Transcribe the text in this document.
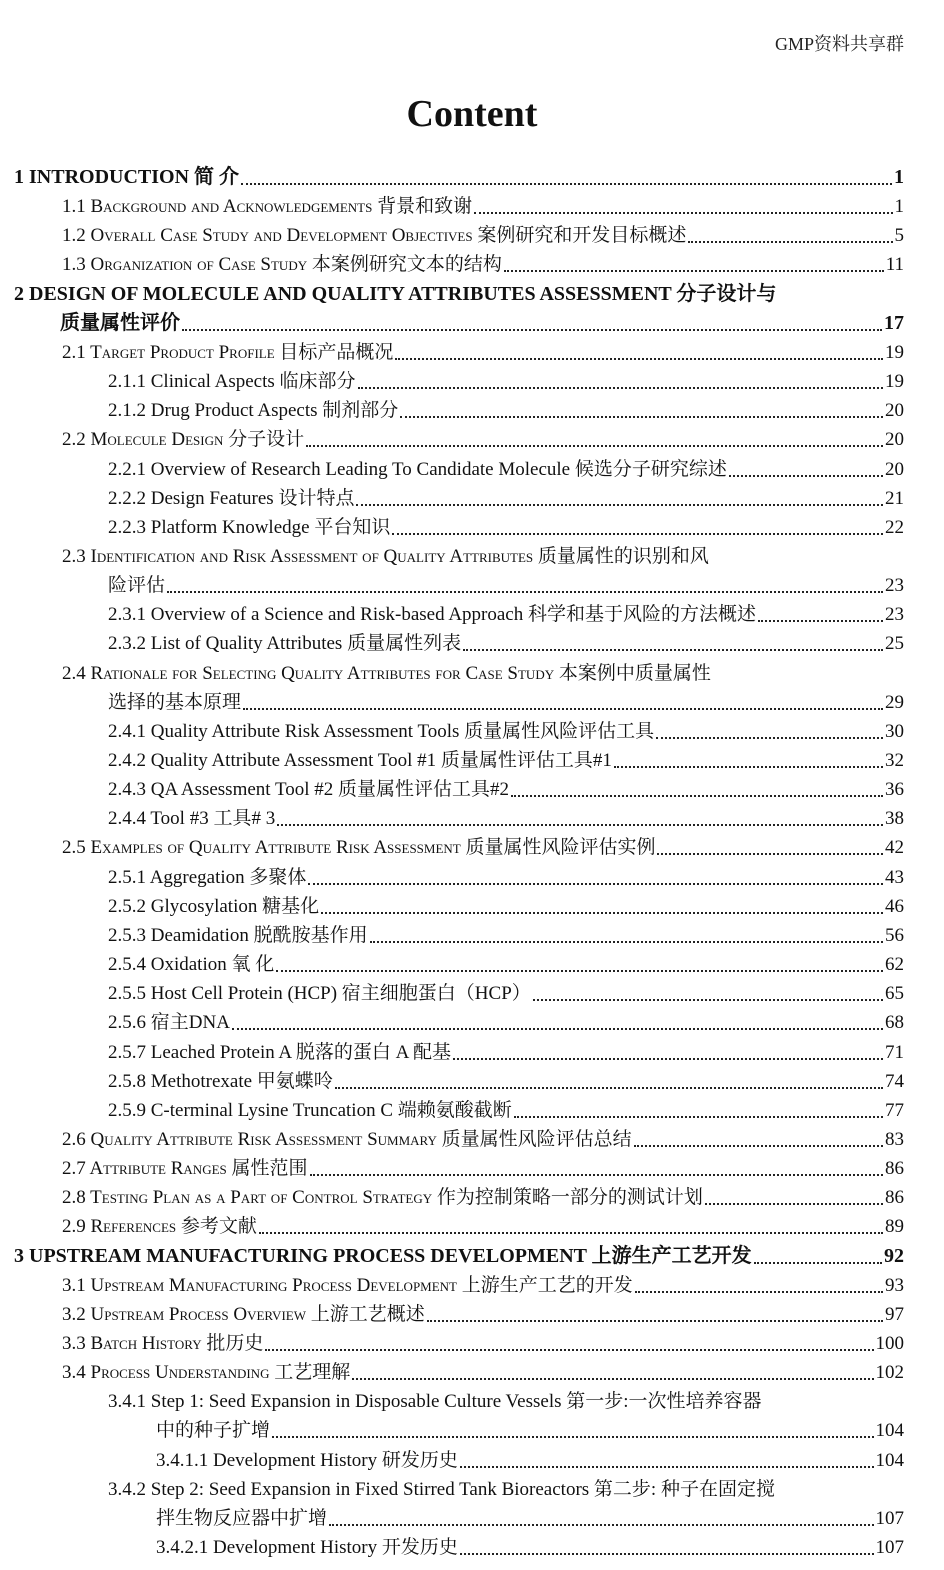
GMP资料共享群
Content
1 INTRODUCTION 简 介	1
1.1 Background and Acknowledgements 背景和致谢	1
1.2 Overall Case Study and Development Objectives 案例研究和开发目标概述	5
1.3 Organization of Case Study 本案例研究文本的结构	11
2 DESIGN OF MOLECULE AND QUALITY ATTRIBUTES ASSESSMENT 分子设计与
质量属性评价	17
2.1 Target Product Profile 目标产品概况	19
2.1.1 Clinical Aspects 临床部分	19
2.1.2 Drug Product Aspects 制剂部分	20
2.2 Molecule Design 分子设计	20
2.2.1 Overview of Research Leading To Candidate Molecule 候选分子研究综述	20
2.2.2 Design Features 设计特点	21
2.2.3 Platform Knowledge 平台知识	22
2.3 Identification and Risk Assessment of Quality Attributes 质量属性的识别和风
险评估	23
2.3.1 Overview of a Science and Risk-based Approach 科学和基于风险的方法概述	23
2.3.2 List of Quality Attributes 质量属性列表	25
2.4 Rationale for Selecting Quality Attributes for Case Study 本案例中质量属性
选择的基本原理	29
2.4.1 Quality Attribute Risk Assessment Tools 质量属性风险评估工具	30
2.4.2 Quality Attribute Assessment Tool #1 质量属性评估工具#1	32
2.4.3 QA Assessment Tool #2 质量属性评估工具#2	36
2.4.4 Tool #3 工具# 3	38
2.5 Examples of Quality Attribute Risk Assessment 质量属性风险评估实例	42
2.5.1 Aggregation 多聚体	43
2.5.2 Glycosylation 糖基化	46
2.5.3 Deamidation 脱酰胺基作用	56
2.5.4 Oxidation 氧 化	62
2.5.5 Host Cell Protein (HCP) 宿主细胞蛋白（HCP）	65
2.5.6 宿主DNA	68
2.5.7 Leached Protein A 脱落的蛋白 A 配基	71
2.5.8 Methotrexate 甲氨蝶呤	74
2.5.9 C-terminal Lysine Truncation C 端赖氨酸截断	77
2.6 Quality Attribute Risk Assessment Summary 质量属性风险评估总结	83
2.7 Attribute Ranges 属性范围	86
2.8 Testing Plan as a Part of Control Strategy 作为控制策略一部分的测试计划	86
2.9 References 参考文献	89
3 UPSTREAM MANUFACTURING PROCESS DEVELOPMENT 上游生产工艺开发	92
3.1 Upstream Manufacturing Process Development 上游生产工艺的开发	93
3.2 Upstream Process Overview 上游工艺概述	97
3.3 Batch History 批历史	100
3.4 Process Understanding 工艺理解	102
3.4.1 Step 1: Seed Expansion in Disposable Culture Vessels 第一步:一次性培养容器
中的种子扩增	104
3.4.1.1 Development History 研发历史	104
3.4.2 Step 2: Seed Expansion in Fixed Stirred Tank Bioreactors 第二步: 种子在固定搅
拌生物反应器中扩增	107
3.4.2.1 Development History 开发历史	107
